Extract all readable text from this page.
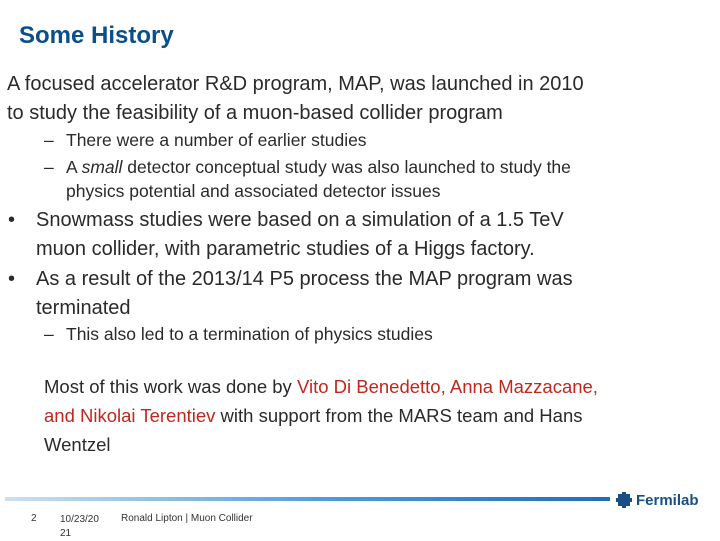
Some History
A focused accelerator R&D program, MAP, was launched in 2010
to study the feasibility of a muon-based collider program
– There were a number of earlier studies
– A small detector conceptual study was also launched to study the
physics potential and associated detector issues
• Snowmass studies were based on a simulation of a 1.5 TeV
muon collider, with parametric studies of a Higgs factory.
• As a result of the 2013/14 P5 process the MAP program was
terminated
– This also led to a termination of physics studies
Most of this work was done by Vito Di Benedetto, Anna Mazzacane,
and Nikolai Terentiev with support from the MARS team and Hans
Wentzel
2 10/23/20
21
Ronald Lipton | Muon Collider
Fermilab
